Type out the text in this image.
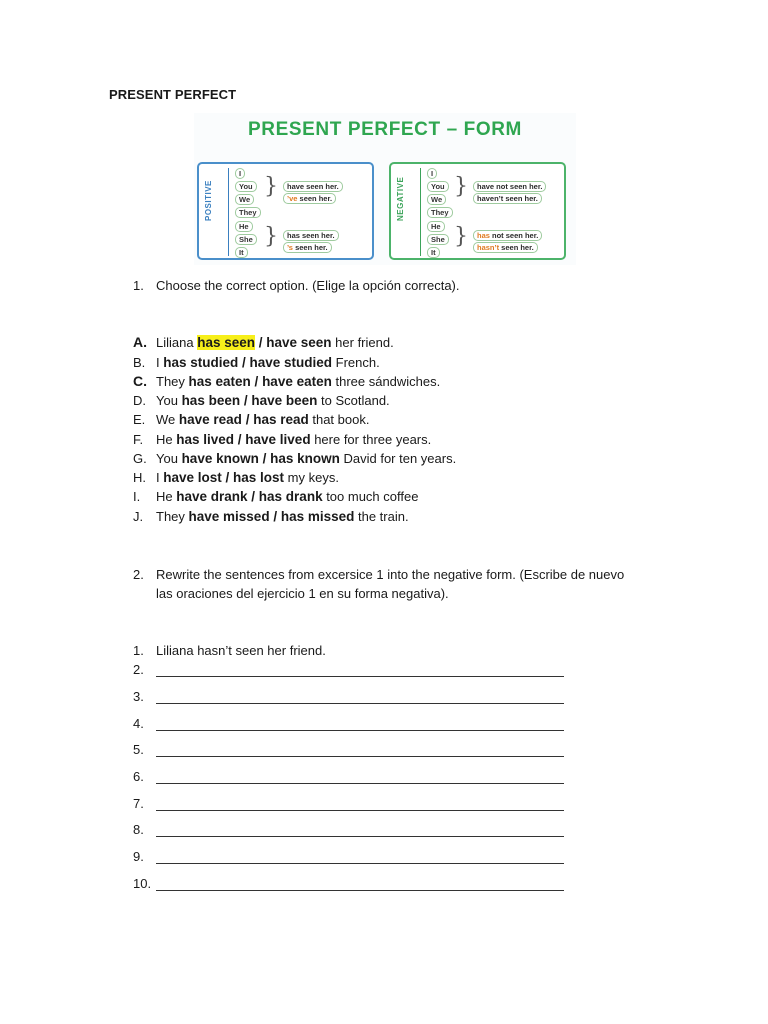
PRESENT PERFECT
PRESENT PERFECT – FORM
POSITIVE
I
You
We
They
He
She
It
}
}
have seen her.
’ve seen her.
has seen her.
’s seen her.
NEGATIVE
I
You
We
They
He
She
It
}
}
have not seen her.
haven’t seen her.
has not seen her.
hasn’t seen her.
1. Choose the correct option. (Elige la opción correcta).
A. Liliana has seen / have seen her friend.
B. I has studied / have studied French.
C. They has eaten / have eaten three sándwiches.
D. You has been / have been to Scotland.
E. We have read / has read that book.
F. He has lived / have lived here for three years.
G. You have known / has known David for ten years.
H. I have lost / has lost my keys.
I. He have drank / has drank too much coffee
J. They have missed / has missed the train.
2. Rewrite the sentences from excersice 1 into the negative form. (Escribe de nuevo las oraciones del ejercicio 1 en su forma negativa).
1. Liliana hasn’t seen her friend.
2.
3.
4.
5.
6.
7.
8.
9.
10.
